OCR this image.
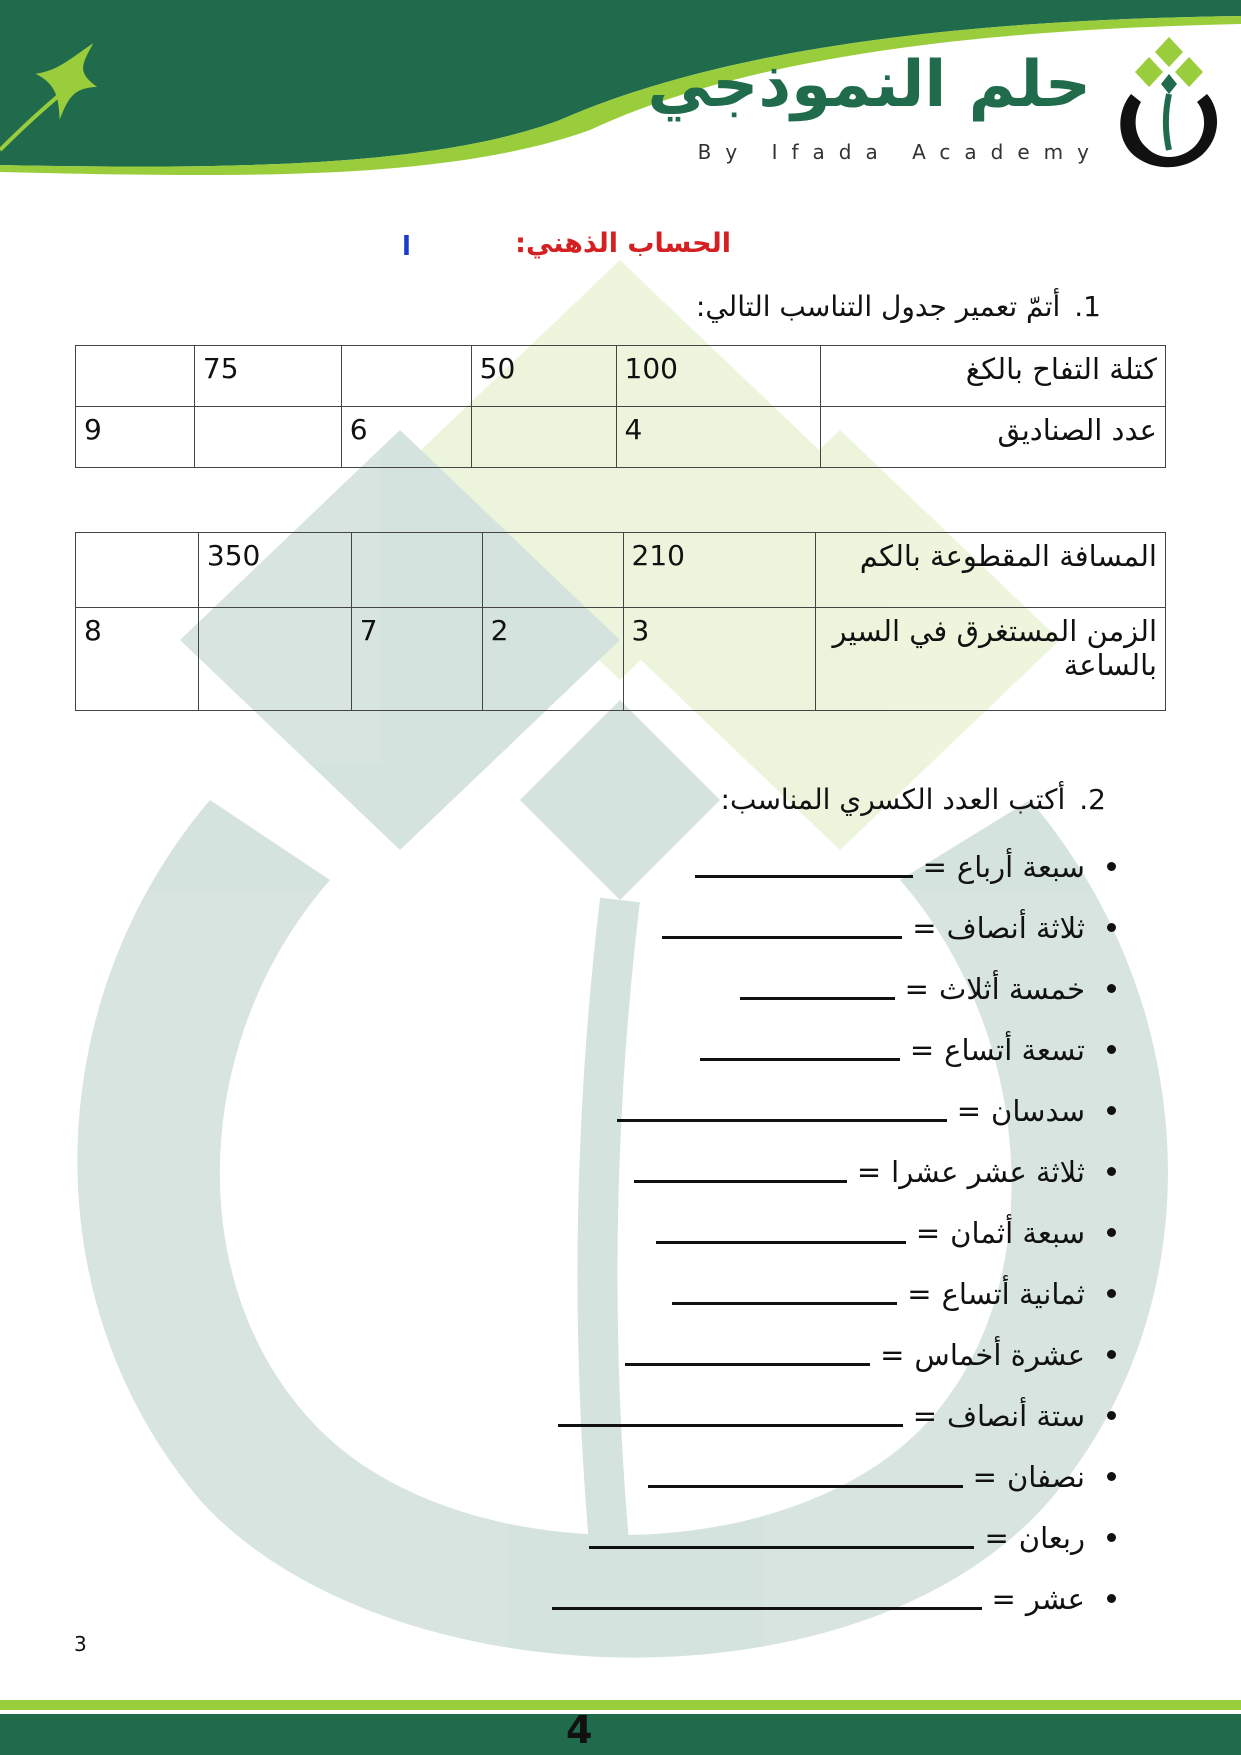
حلم النموذجي
By Ifada Academy
الحساب الذهني:
ا
1.أتمّ تعمير جدول التناسب التالي:
كتلة التفاح بالكغ	100	50		75	
عدد الصناديق	4		6		9
المسافة المقطوعة بالكم	210			350	
الزمن المستغرق في السير بالساعة	3	2	7		8
2.أكتب العدد الكسري المناسب:
سبعة أرباع
=
ثلاثة أنصاف
=
خمسة أثلاث
=
تسعة أتساع
=
سدسان
=
ثلاثة عشر عشرا
=
سبعة أثمان
=
ثمانية أتساع
=
عشرة أخماس
=
ستة أنصاف
=
نصفان
=
ربعان
=
عشر
=
3
4
